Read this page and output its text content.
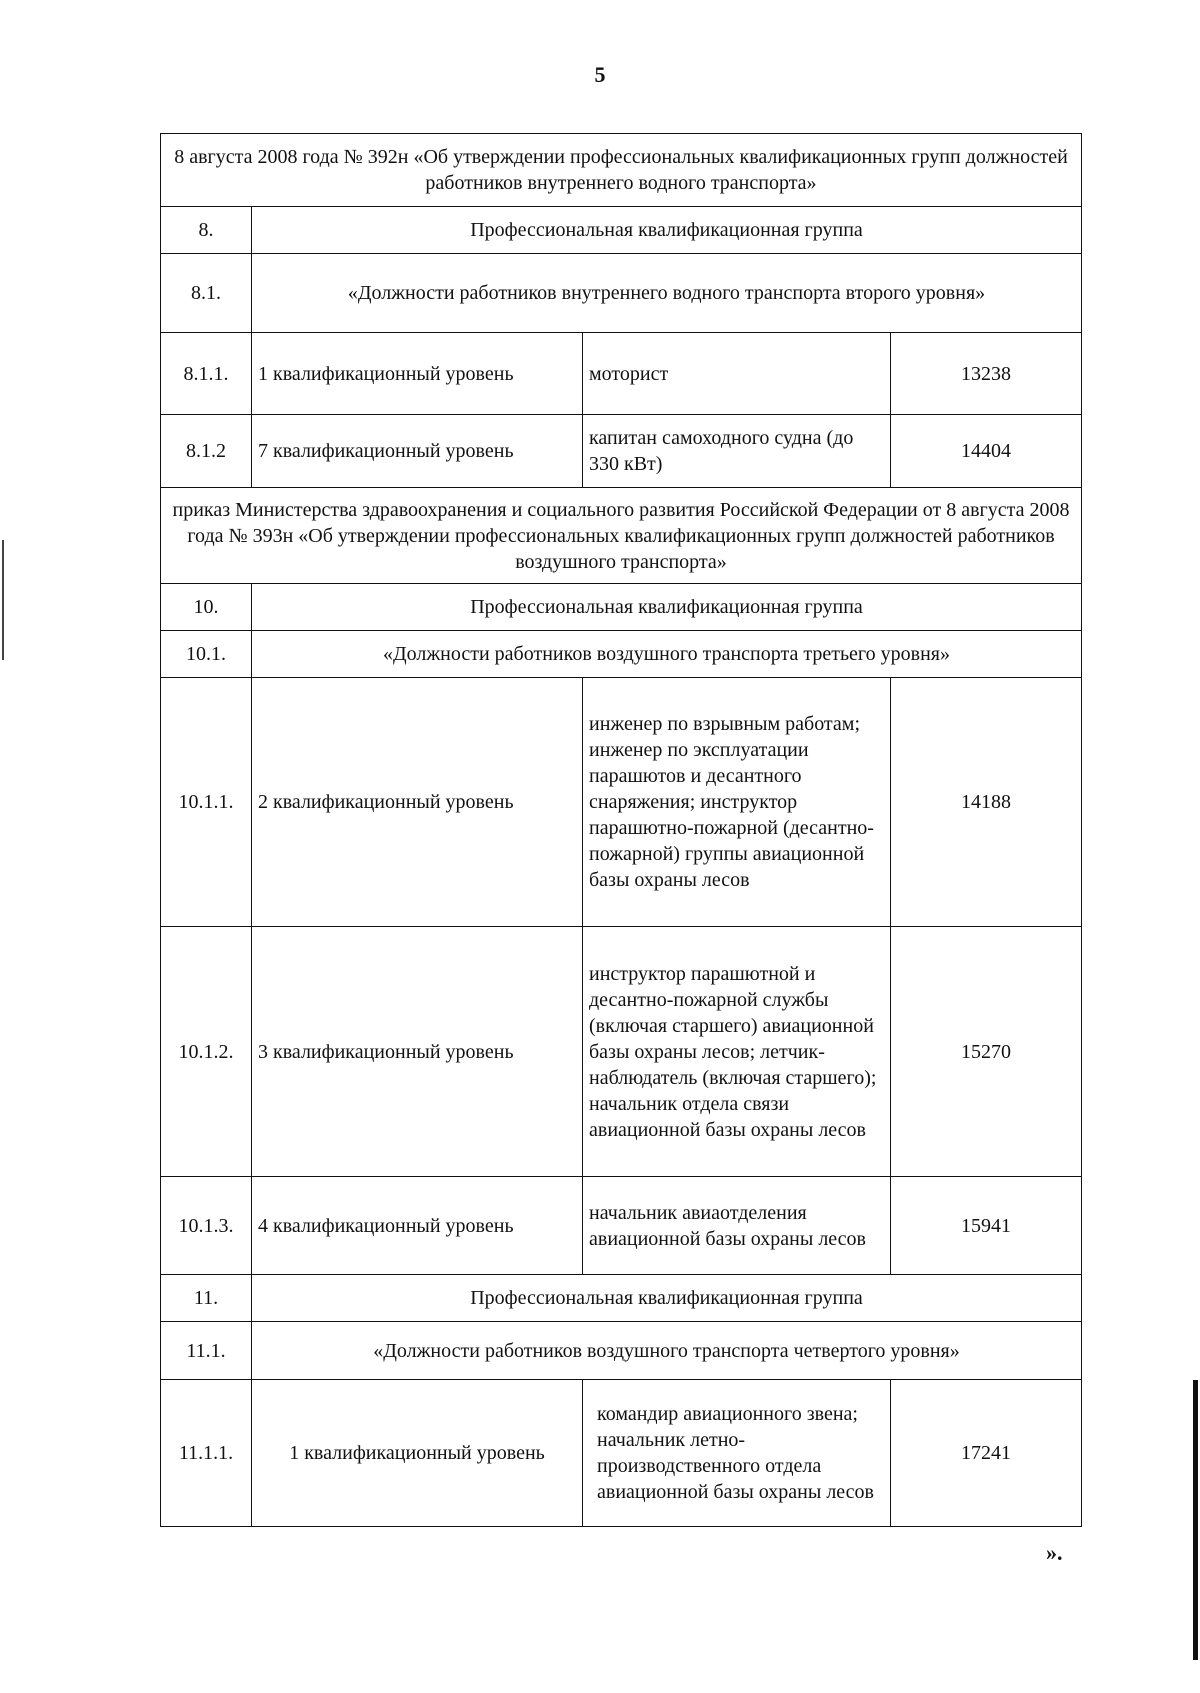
5
8 августа 2008 года № 392н «Об утверждении профессиональных квалификационных групп должностей работников внутреннего водного транспорта»			
8.	Профессиональная квалификационная группа		
8.1.	«Должности работников внутреннего водного транспорта второго уровня»		
8.1.1.	1 квалификационный уровень	моторист	13238
8.1.2	7 квалификационный уровень	капитан самоходного судна (до 330 кВт)	14404
приказ Министерства здравоохранения и социального развития Российской Федерации от 8 августа 2008 года № 393н «Об утверждении профессиональных квалификационных групп должностей работников воздушного транспорта»			
10.	Профессиональная квалификационная группа		
10.1.	«Должности работников воздушного транспорта третьего уровня»		
10.1.1.	2 квалификационный уровень	инженер по взрывным работам; инженер по эксплуатации парашютов и десантного снаряжения; инструктор парашютно-пожарной (десантно-пожарной) группы авиационной базы охраны лесов	14188
10.1.2.	3 квалификационный уровень	инструктор парашютной и десантно-пожарной службы (включая старшего) авиационной базы охраны лесов; летчик-наблюдатель (включая старшего); начальник отдела связи авиационной базы охраны лесов	15270
10.1.3.	4 квалификационный уровень	начальник авиаотделения авиационной базы охраны лесов	15941
11.	Профессиональная квалификационная группа		
11.1.	«Должности работников воздушного транспорта четвертого уровня»		
11.1.1.	1 квалификационный уровень	командир авиационного звена; начальник летно-производственного отдела авиационной базы охраны лесов	17241
».
